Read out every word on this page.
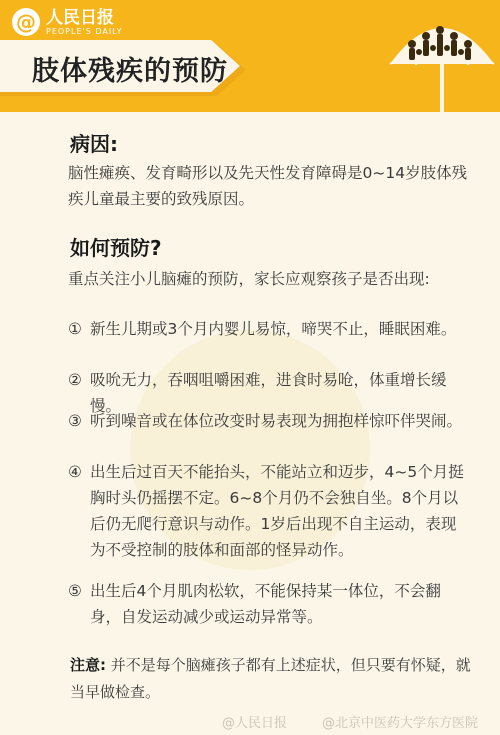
肢体残疾的预防
@ 人民日报
PEOPLE'S DAILY
病因:
脑性瘫痪、发育畸形以及先天性发育障碍是0~14岁肢体残疾儿童最主要的致残原因。
如何预防?
重点关注小儿脑瘫的预防，家长应观察孩子是否出现:
① 新生儿期或3个月内婴儿易惊，啼哭不止，睡眠困难。
② 吸吮无力，吞咽咀嚼困难，进食时易呛，体重增长缓慢。
③ 听到噪音或在体位改变时易表现为拥抱样惊吓伴哭闹。
④ 出生后过百天不能抬头，不能站立和迈步，4~5个月挺胸时头仍摇摆不定。6~8个月仍不会独自坐。8个月以后仍无爬行意识与动作。1岁后出现不自主运动，表现为不受控制的肢体和面部的怪异动作。
⑤ 出生后4个月肌肉松软，不能保持某一体位，不会翻身，自发运动减少或运动异常等。
注意: 并不是每个脑瘫孩子都有上述症状，但只要有怀疑，就当早做检查。
@人民日报	@北京中医药大学东方医院
